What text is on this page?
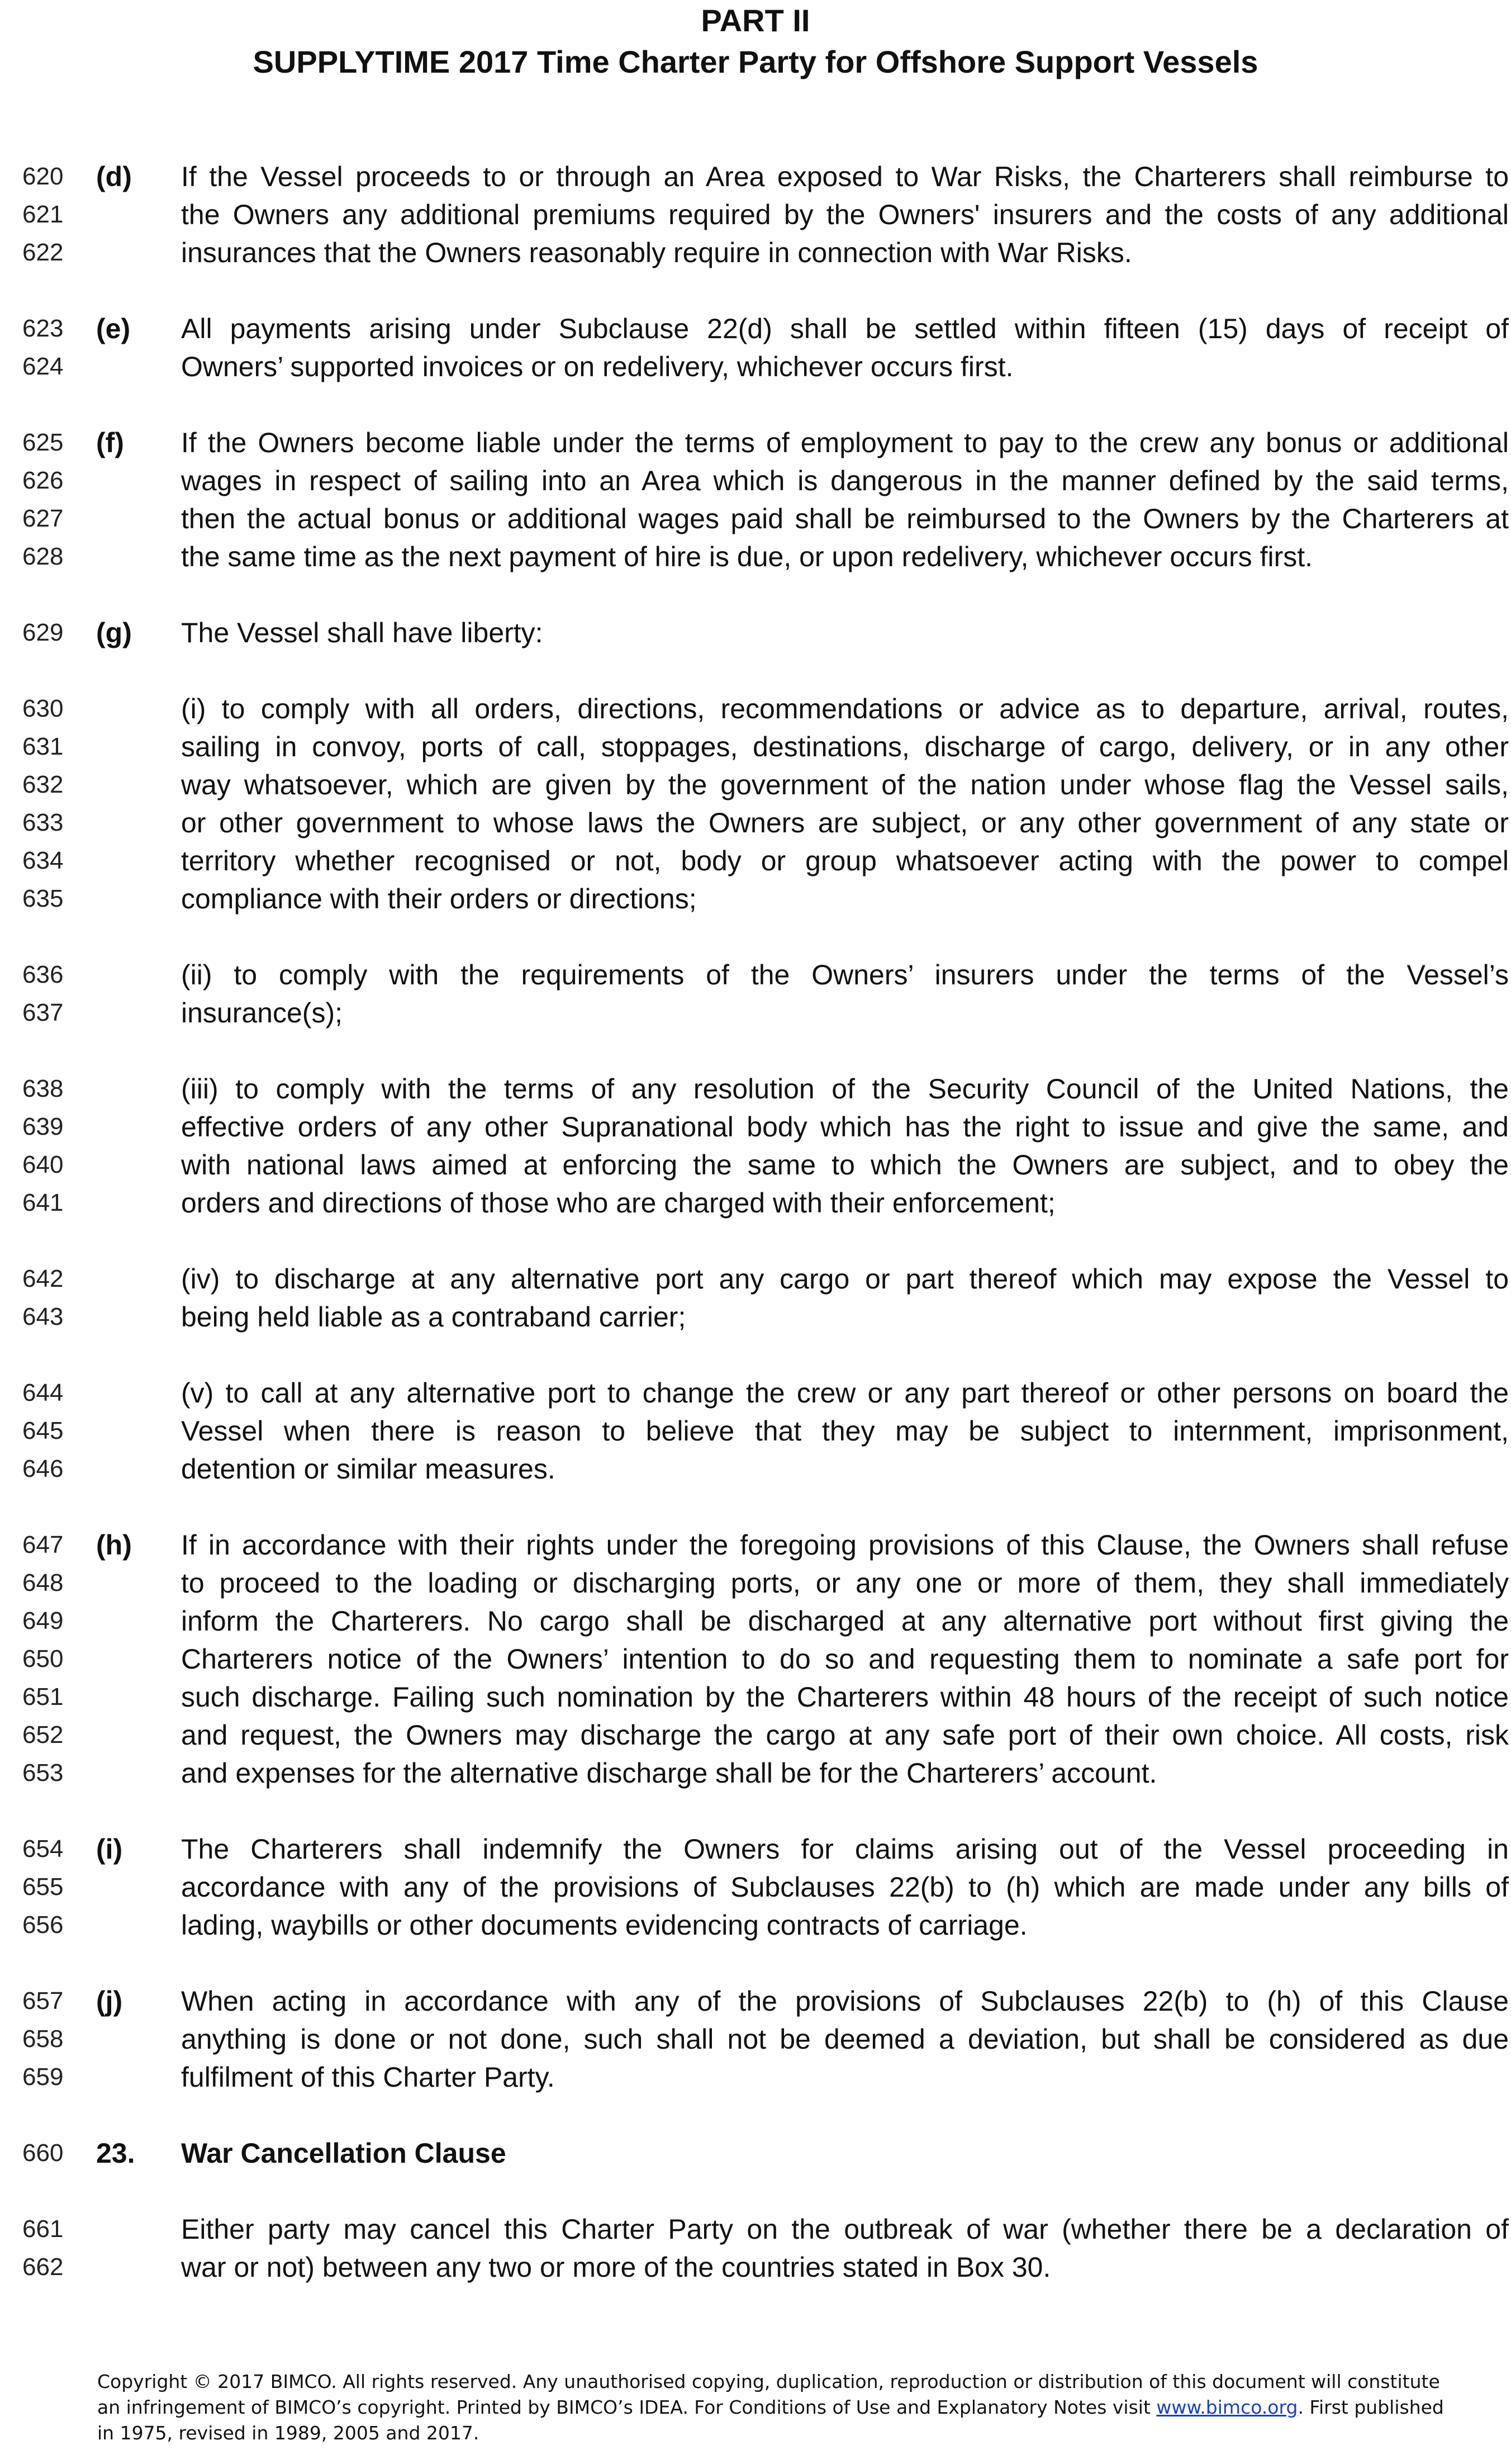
PART II
SUPPLYTIME 2017 Time Charter Party for Offshore Support Vessels
620	(d) If the Vessel proceeds to or through an Area exposed to War Risks, the Charterers shall reimburse to
621	the Owners any additional premiums required by the Owners' insurers and the costs of any additional
622	insurances that the Owners reasonably require in connection with War Risks.
623	(e) All payments arising under Subclause 22(d) shall be settled within fifteen (15) days of receipt of
624	Owners’ supported invoices or on redelivery, whichever occurs first.
625	(f) If the Owners become liable under the terms of employment to pay to the crew any bonus or additional
626	wages in respect of sailing into an Area which is dangerous in the manner defined by the said terms,
627	then the actual bonus or additional wages paid shall be reimbursed to the Owners by the Charterers at
628	the same time as the next payment of hire is due, or upon redelivery, whichever occurs first.
629	(g) The Vessel shall have liberty:
630	(i) to comply with all orders, directions, recommendations or advice as to departure, arrival, routes,
631	sailing in convoy, ports of call, stoppages, destinations, discharge of cargo, delivery, or in any other
632	way whatsoever, which are given by the government of the nation under whose flag the Vessel sails,
633	or other government to whose laws the Owners are subject, or any other government of any state or
634	territory whether recognised or not, body or group whatsoever acting with the power to compel
635	compliance with their orders or directions;
636	(ii) to comply with the requirements of the Owners’ insurers under the terms of the Vessel’s
637	insurance(s);
638	(iii) to comply with the terms of any resolution of the Security Council of the United Nations, the
639	effective orders of any other Supranational body which has the right to issue and give the same, and
640	with national laws aimed at enforcing the same to which the Owners are subject, and to obey the
641	orders and directions of those who are charged with their enforcement;
642	(iv) to discharge at any alternative port any cargo or part thereof which may expose the Vessel to
643	being held liable as a contraband carrier;
644	(v) to call at any alternative port to change the crew or any part thereof or other persons on board the
645	Vessel when there is reason to believe that they may be subject to internment, imprisonment,
646	detention or similar measures.
647	(h) If in accordance with their rights under the foregoing provisions of this Clause, the Owners shall refuse
648	to proceed to the loading or discharging ports, or any one or more of them, they shall immediately
649	inform the Charterers. No cargo shall be discharged at any alternative port without first giving the
650	Charterers notice of the Owners’ intention to do so and requesting them to nominate a safe port for
651	such discharge. Failing such nomination by the Charterers within 48 hours of the receipt of such notice
652	and request, the Owners may discharge the cargo at any safe port of their own choice. All costs, risk
653	and expenses for the alternative discharge shall be for the Charterers’ account.
654	(i) The Charterers shall indemnify the Owners for claims arising out of the Vessel proceeding in
655	accordance with any of the provisions of Subclauses 22(b) to (h) which are made under any bills of
656	lading, waybills or other documents evidencing contracts of carriage.
657	(j) When acting in accordance with any of the provisions of Subclauses 22(b) to (h) of this Clause
658	anything is done or not done, such shall not be deemed a deviation, but shall be considered as due
659	fulfilment of this Charter Party.
660	23. War Cancellation Clause
661	Either party may cancel this Charter Party on the outbreak of war (whether there be a declaration of
662	war or not) between any two or more of the countries stated in Box 30.
Copyright © 2017 BIMCO. All rights reserved. Any unauthorised copying, duplication, reproduction or distribution of this document will constitute
an infringement of BIMCO’s copyright. Printed by BIMCO’s IDEA. For Conditions of Use and Explanatory Notes visit www.bimco.org. First published
in 1975, revised in 1989, 2005 and 2017.
